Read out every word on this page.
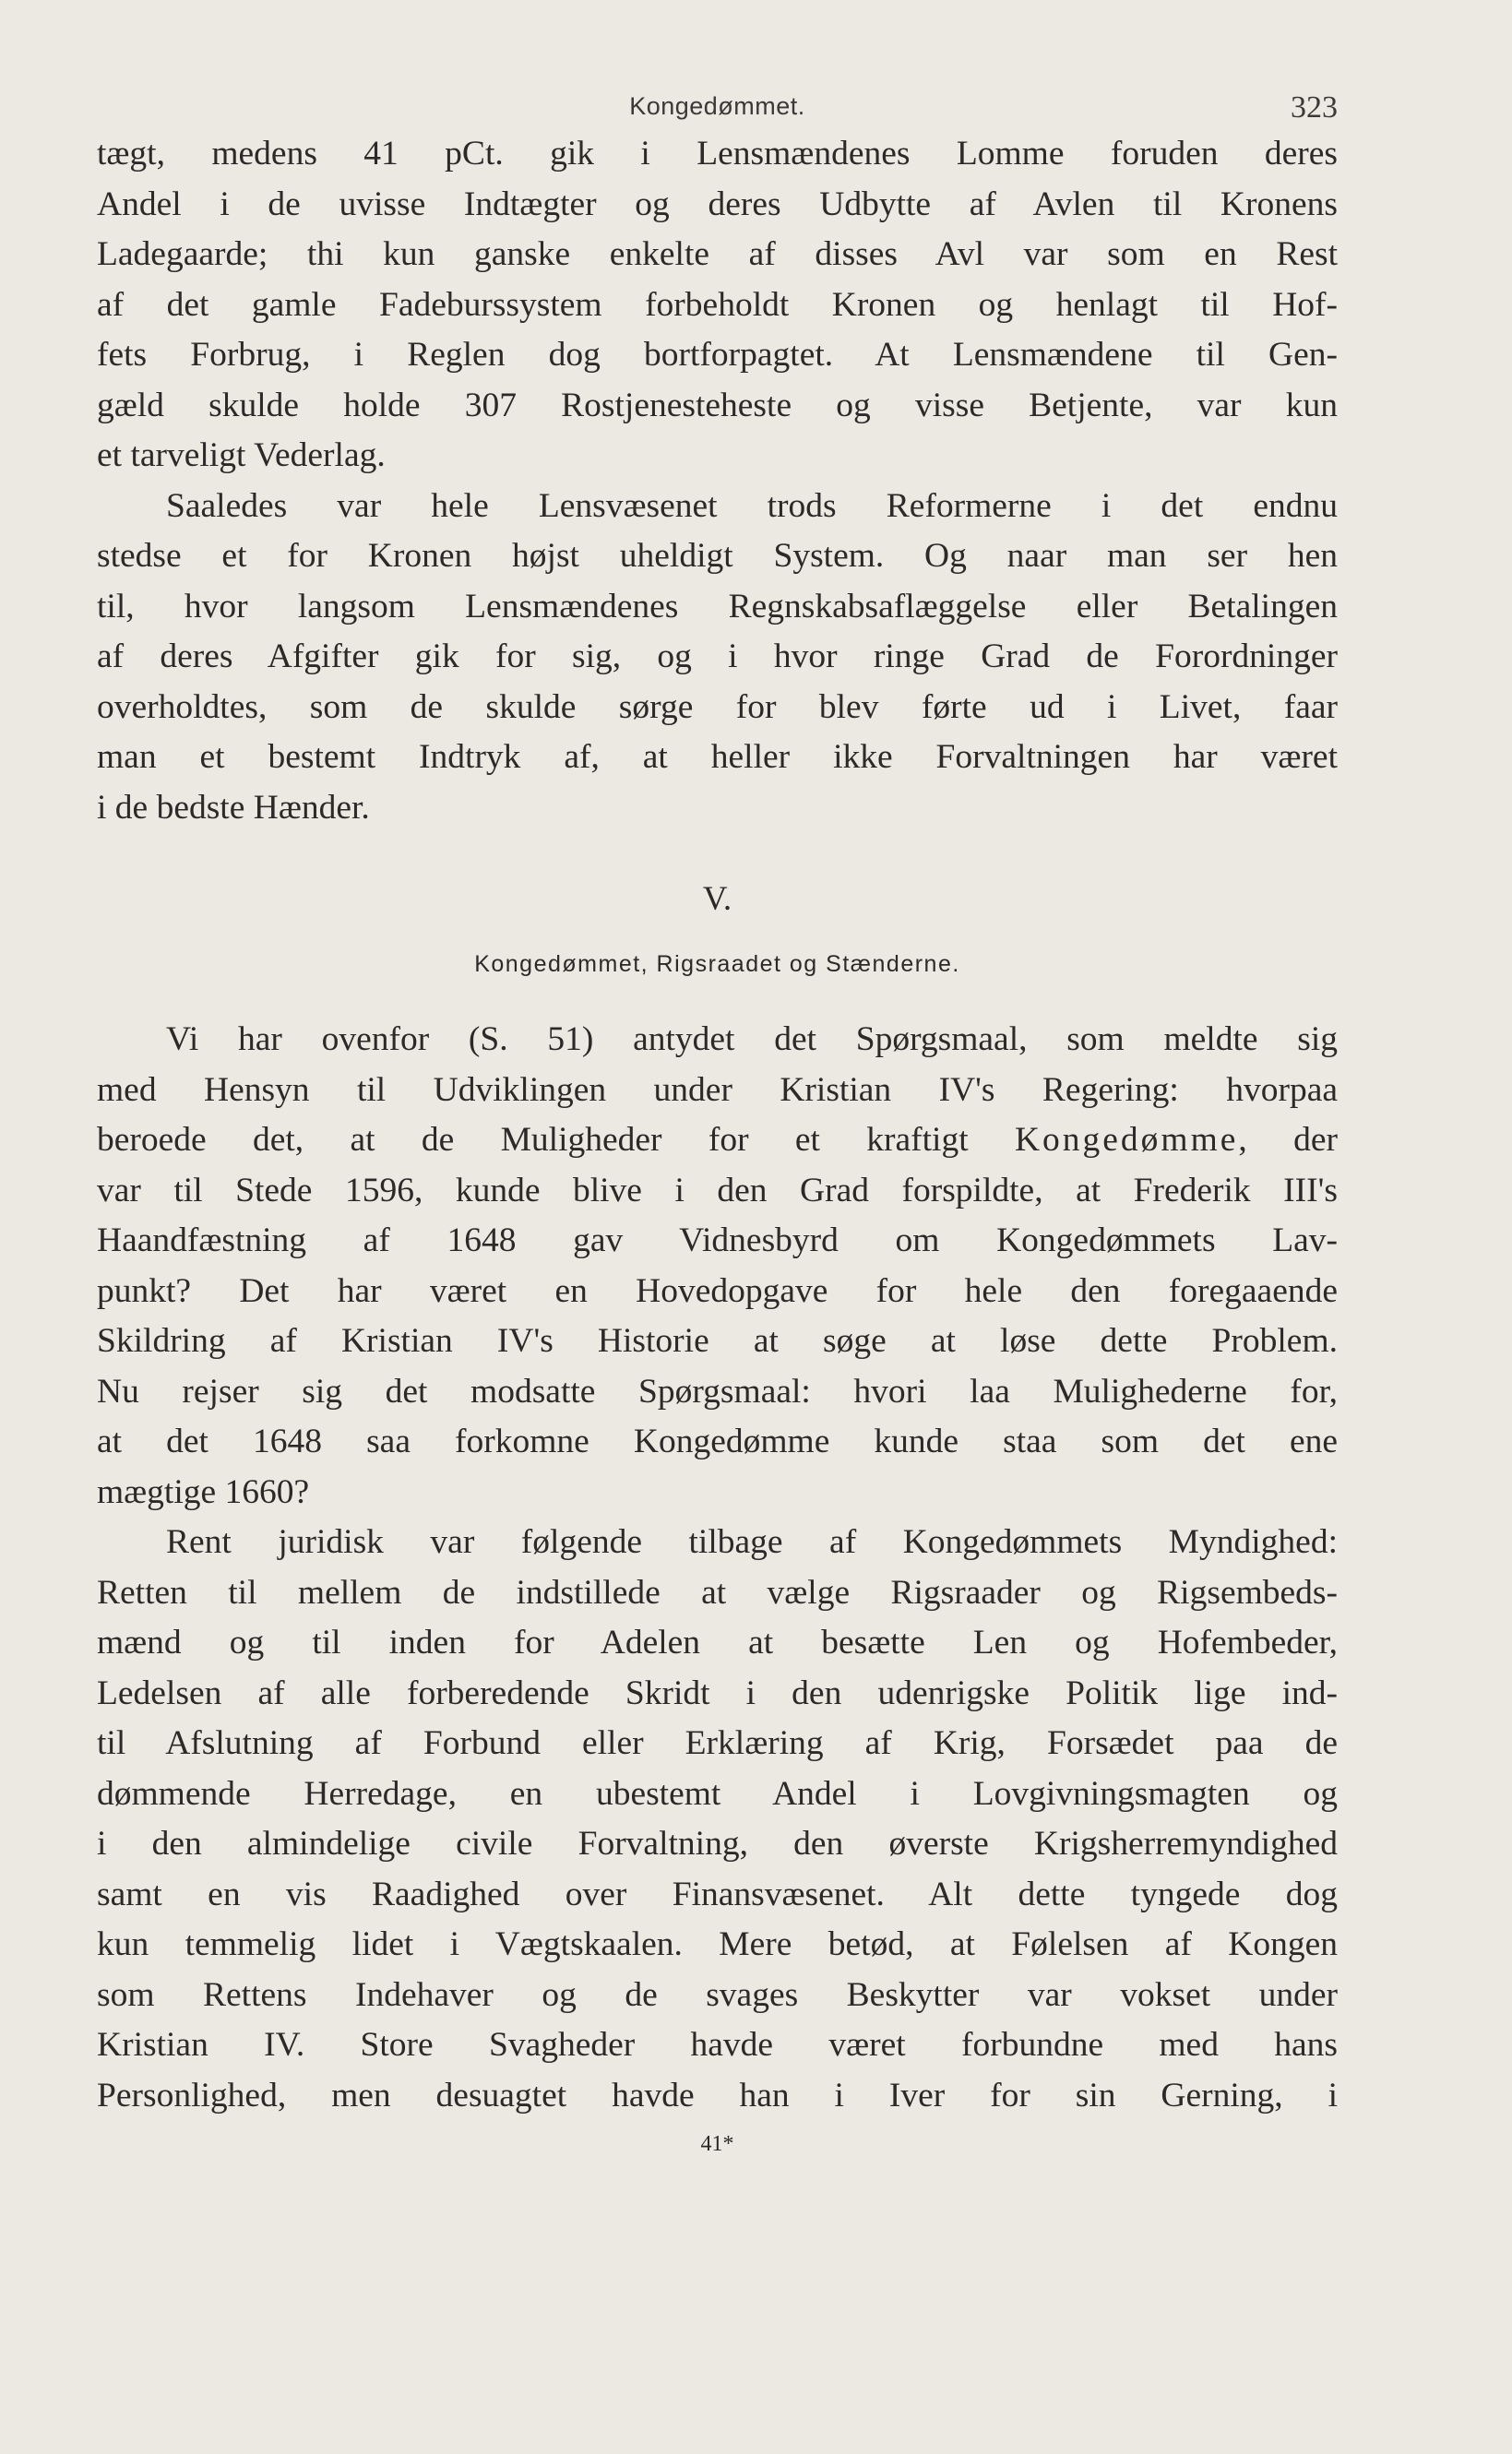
Kongedømmet.	323

tægt, medens 41 pCt. gik i Lensmændenes Lomme foruden deres
Andel i de uvisse Indtægter og deres Udbytte af Avlen til Kronens
Ladegaarde; thi kun ganske enkelte af disses Avl var som en Rest
af det gamle Fadeburssystem forbeholdt Kronen og henlagt til Hof-
fets Forbrug, i Reglen dog bortforpagtet. At Lensmændene til Gen-
gæld skulde holde 307 Rostjenesteheste og visse Betjente, var kun
et tarveligt Vederlag.

Saaledes var hele Lensvæsenet trods Reformerne i det endnu
stedse et for Kronen højst uheldigt System. Og naar man ser hen
til, hvor langsom Lensmændenes Regnskabsaflæggelse eller Betalingen
af deres Afgifter gik for sig, og i hvor ringe Grad de Forordninger
overholdtes, som de skulde sørge for blev førte ud i Livet, faar
man et bestemt Indtryk af, at heller ikke Forvaltningen har været
i de bedste Hænder.

V.
Kongedømmet, Rigsraadet og Stænderne.

Vi har ovenfor (S. 51) antydet det Spørgsmaal, som meldte sig
med Hensyn til Udviklingen under Kristian IV's Regering: hvorpaa
beroede det, at de Muligheder for et kraftigt Kongedømme, der
var til Stede 1596, kunde blive i den Grad forspildte, at Frederik III's
Haandfæstning af 1648 gav Vidnesbyrd om Kongedømmets Lav-
punkt? Det har været en Hovedopgave for hele den foregaaende
Skildring af Kristian IV's Historie at søge at løse dette Problem.
Nu rejser sig det modsatte Spørgsmaal: hvori laa Mulighederne for,
at det 1648 saa forkomne Kongedømme kunde staa som det ene
mægtige 1660?

Rent juridisk var følgende tilbage af Kongedømmets Myndighed:
Retten til mellem de indstillede at vælge Rigsraader og Rigsembeds-
mænd og til inden for Adelen at besætte Len og Hofembeder,
Ledelsen af alle forberedende Skridt i den udenrigske Politik lige ind-
til Afslutning af Forbund eller Erklæring af Krig, Forsædet paa de
dømmende Herredage, en ubestemt Andel i Lovgivningsmagten og
i den almindelige civile Forvaltning, den øverste Krigsherremyndighed
samt en vis Raadighed over Finansvæsenet. Alt dette tyngede dog
kun temmelig lidet i Vægtskaalen. Mere betød, at Følelsen af Kongen
som Rettens Indehaver og de svages Beskytter var vokset under
Kristian IV. Store Svagheder havde været forbundne med hans
Personlighed, men desuagtet havde han i Iver for sin Gerning, i

41*
